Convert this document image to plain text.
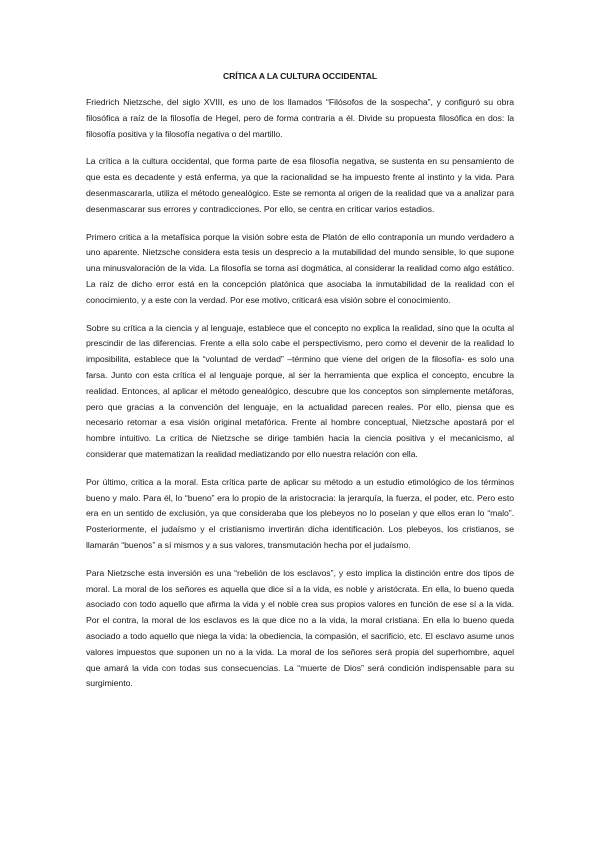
CRÍTICA A LA CULTURA OCCIDENTAL

Friedrich Nietzsche, del siglo XVIII, es uno de los llamados “Filósofos de la sospecha”, y configuró su obra filosófica a raíz de la filosofía de Hegel, pero de forma contraria a él. Divide su propuesta filosófica en dos: la filosofía positiva y la filosofía negativa o del martillo.

La crítica a la cultura occidental, que forma parte de esa filosofía negativa, se sustenta en su pensamiento de que esta es decadente y está enferma, ya que la racionalidad se ha impuesto frente al instinto y la vida. Para desenmascararla, utiliza el método genealógico. Este se remonta al origen de la realidad que va a analizar para desenmascarar sus errores y contradicciones. Por ello, se centra en criticar varios estadios.

Primero critica a la metafísica porque la visión sobre esta de Platón de ello contraponía un mundo verdadero a uno aparente. Nietzsche considera esta tesis un desprecio a la mutabilidad del mundo sensible, lo que supone una minusvaloración de la vida. La filosofía se torna así dogmática, al considerar la realidad como algo estático. La raíz de dicho error está en la concepción platónica que asociaba la inmutabilidad de la realidad con el conocimiento, y a este con la verdad. Por ese motivo, criticará esa visión sobre el conocimiento.

Sobre su crítica a la ciencia y al lenguaje, establece que el concepto no explica la realidad, sino que la oculta al prescindir de las diferencias. Frente a ella solo cabe el perspectivismo, pero como el devenir de la realidad lo imposibilita, establece que la “voluntad de verdad” –término que viene del origen de la filosofía- es solo una farsa. Junto con esta crítica el al lenguaje porque, al ser la herramienta que explica el concepto, encubre la realidad. Entonces, al aplicar el método genealógico, descubre que los conceptos son simplemente metáforas, pero que gracias a la convención del lenguaje, en la actualidad parecen reales. Por ello, piensa que es necesario retornar a esa visión original metafórica. Frente al hombre conceptual, Nietzsche apostará por el hombre intuitivo. La crítica de Nietzsche se dirige también hacia la ciencia positiva y el mecanicismo, al considerar que matematizan la realidad mediatizando por ello nuestra relación con ella.

Por último, critica a la moral. Esta crítica parte de aplicar su método a un estudio etimológico de los términos bueno y malo. Para él, lo “bueno” era lo propio de la aristocracia: la jerarquía, la fuerza, el poder, etc. Pero esto era en un sentido de exclusión, ya que consideraba que los plebeyos no lo poseían y que ellos eran lo “malo”. Posteriormente, el judaísmo y el cristianismo invertirán dicha identificación. Los plebeyos, los cristianos, se llamarán “buenos” a sí mismos y a sus valores, transmutación hecha por el judaísmo.

Para Nietzsche esta inversión es una “rebelión de los esclavos”, y esto implica la distinción entre dos tipos de moral. La moral de los señores es aquella que dice sí a la vida, es noble y aristócrata. En ella, lo bueno queda asociado con todo aquello que afirma la vida y el noble crea sus propios valores en función de ese sí a la vida. Por el contra, la moral de los esclavos es la que dice no a la vida, la moral cristiana. En ella lo bueno queda asociado a todo aquello que niega la vida: la obediencia, la compasión, el sacrificio, etc. El esclavo asume unos valores impuestos que suponen un no a la vida. La moral de los señores será propia del superhombre, aquel que amará la vida con todas sus consecuencias. La “muerte de Dios” será condición indispensable para su surgimiento.
